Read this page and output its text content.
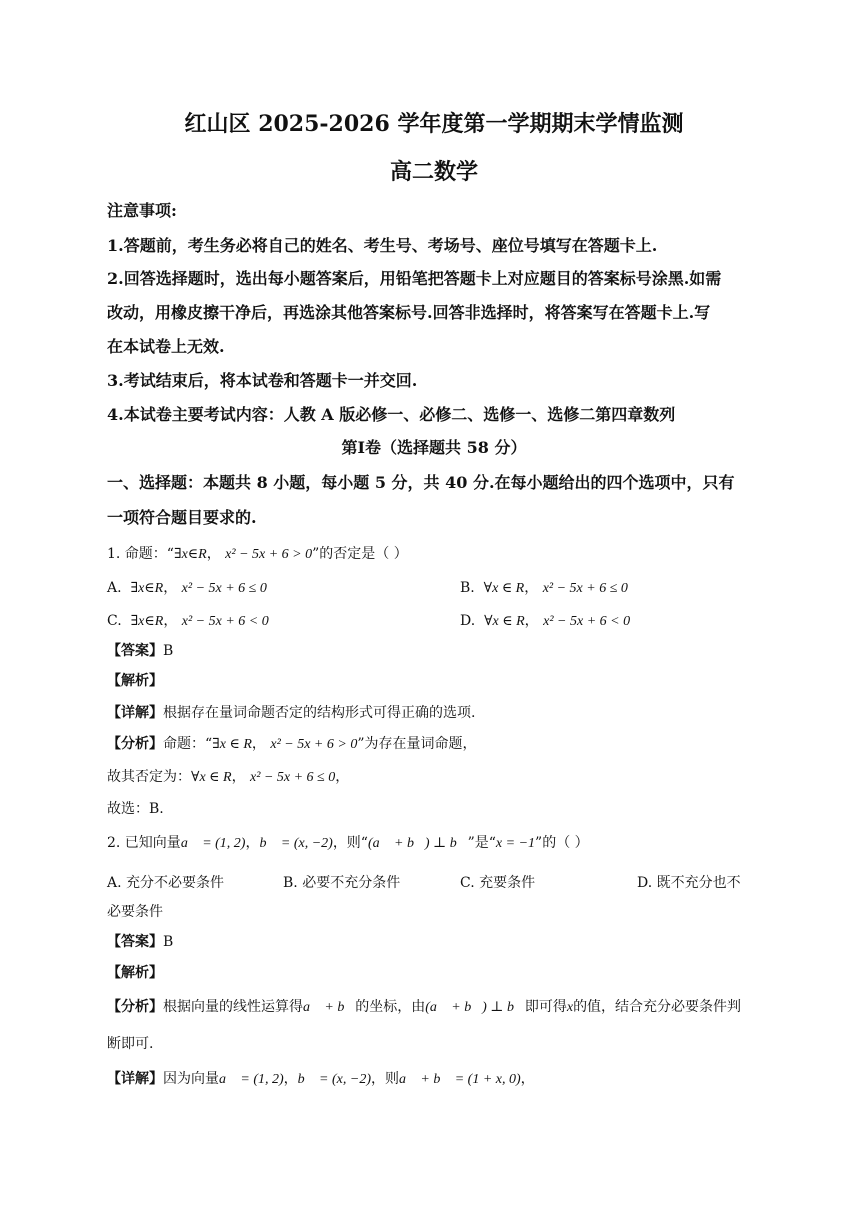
红山区 2025-2026 学年度第一学期期末学情监测
高二数学
注意事项:
1.答题前，考生务必将自己的姓名、考生号、考场号、座位号填写在答题卡上.
2.回答选择题时，选出每小题答案后，用铅笔把答题卡上对应题目的答案标号涂黑.如需
改动，用橡皮擦干净后，再选涂其他答案标号.回答非选择时，将答案写在答题卡上.写
在本试卷上无效.
3.考试结束后，将本试卷和答题卡一并交回.
4.本试卷主要考试内容：人教 A 版必修一、必修二、选修一、选修二第四章数列
第Ⅰ卷（选择题共 58 分）
一、选择题：本题共 8 小题，每小题 5 分，共 40 分.在每小题给出的四个选项中，只有
一项符合题目要求的.
1. 命题：“∃x∈R， x² − 5x + 6 > 0”的否定是（ ）
A. ∃x∈R， x² − 5x + 6 ≤ 0	B. ∀x ∈ R， x² − 5x + 6 ≤ 0
C. ∃x∈R， x² − 5x + 6 < 0	D. ∀x ∈ R， x² − 5x + 6 < 0
【答案】B
【解析】
【详解】根据存在量词命题否定的结构形式可得正确的选项.
【分析】命题：“∃x ∈ R， x² − 5x + 6 > 0”为存在量词命题，
故其否定为：∀x ∈ R， x² − 5x + 6 ≤ 0，
故选：B.
2. 已知向量a⃗ = (1, 2)，b⃗ = (x, −2)，则“(a⃗ + b⃗) ⊥ b⃗”是“x = −1”的（ ）
A. 充分不必要条件	B. 必要不充分条件	C. 充要条件	D. 既不充分也不
必要条件
【答案】B
【解析】
【分析】根据向量的线性运算得a⃗ + b⃗的坐标，由(a⃗ + b⃗) ⊥ b⃗即可得x的值，结合充分必要条件判
断即可.
【详解】因为向量a⃗ = (1, 2)，b⃗ = (x, −2)，则a⃗ + b⃗ = (1 + x, 0)，
